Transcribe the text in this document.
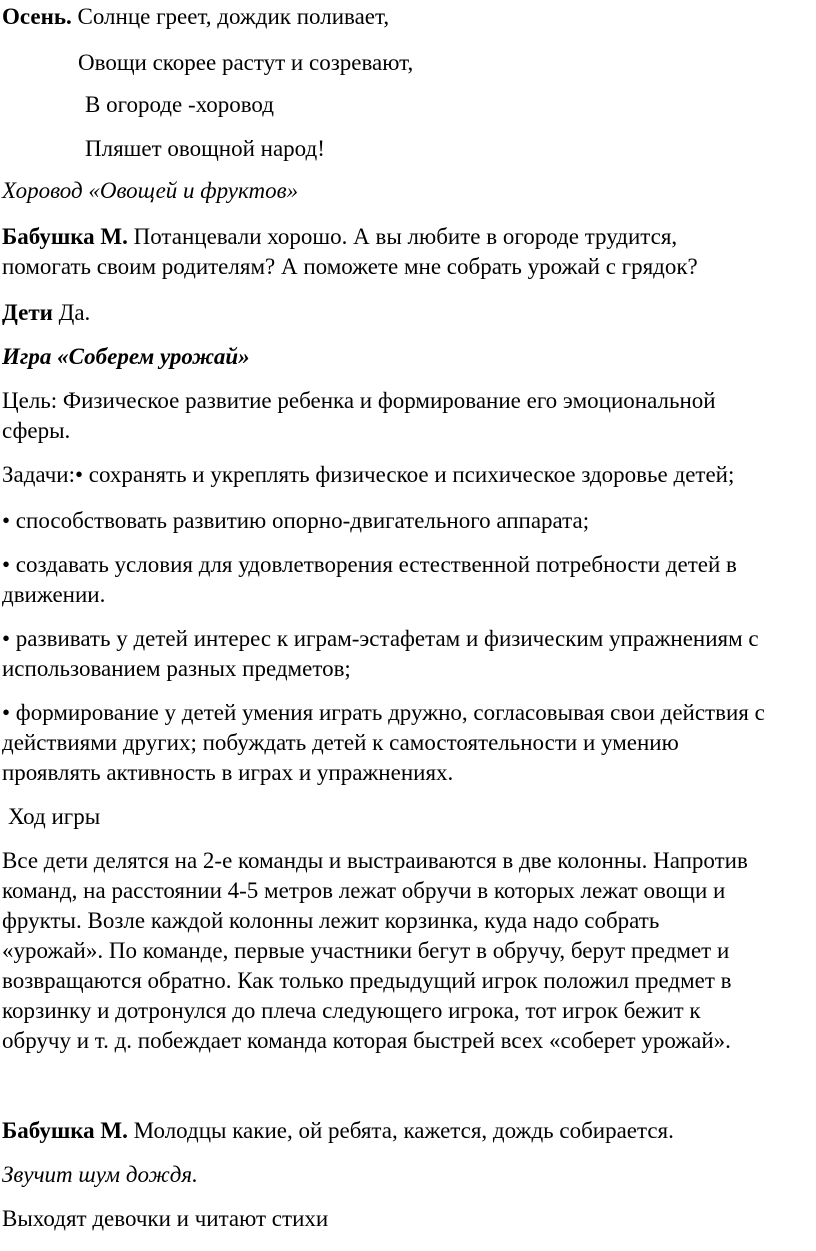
Осень. Солнце греет, дождик поливает,
Овощи скорее растут и созревают,
В огороде -хоровод
Пляшет овощной народ!
Хоровод «Овощей и фруктов»
Бабушка М. Потанцевали хорошо. А вы любите в огороде трудится,
помогать своим родителям? А поможете мне собрать урожай с грядок?
Дети Да.
Игра «Соберем урожай»
Цель: Физическое развитие ребенка и формирование его эмоциональной
сферы.
Задачи:• сохранять и укреплять физическое и психическое здоровье детей;
• способствовать развитию опорно-двигательного аппарата;
• создавать условия для удовлетворения естественной потребности детей в
движении.
• развивать у детей интерес к играм-эстафетам и физическим упражнениям с
использованием разных предметов;
• формирование у детей умения играть дружно, согласовывая свои действия с
действиями других; побуждать детей к самостоятельности и умению
проявлять активность в играх и упражнениях.
Ход игры
Все дети делятся на 2-е команды и выстраиваются в две колонны. Напротив
команд, на расстоянии 4-5 метров лежат обручи в которых лежат овощи и
фрукты. Возле каждой колонны лежит корзинка, куда надо собрать
«урожай». По команде, первые участники бегут в обручу, берут предмет и
возвращаются обратно. Как только предыдущий игрок положил предмет в
корзинку и дотронулся до плеча следующего игрока, тот игрок бежит к
обручу и т. д. побеждает команда которая быстрей всех «соберет урожай».
Бабушка М. Молодцы какие, ой ребята, кажется, дождь собирается.
Звучит шум дождя.
Выходят девочки и читают стихи
